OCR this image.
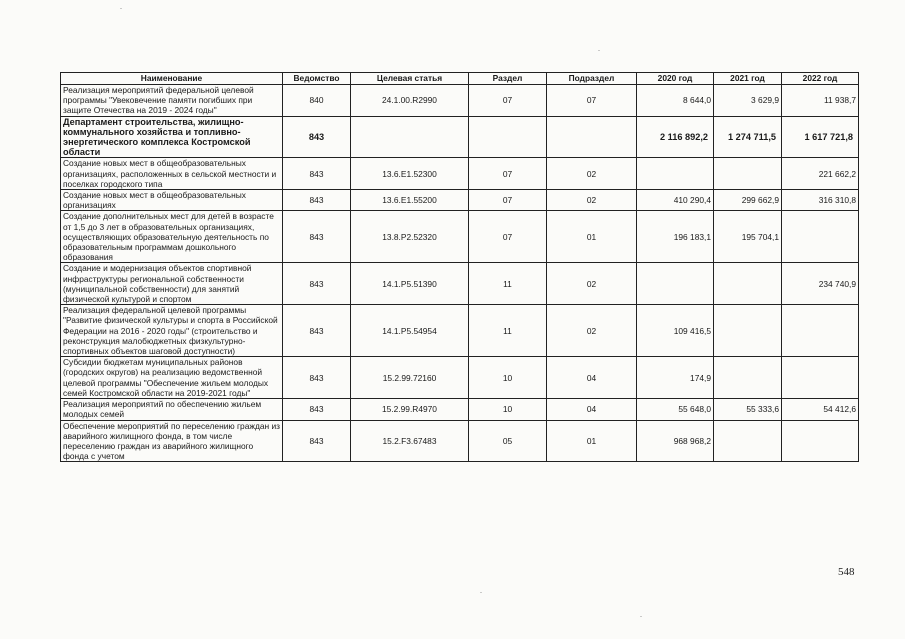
Наименование	Ведомство	Целевая статья	Раздел	Подраздел	2020 год	2021 год	2022 год
Реализация мероприятий федеральной целевой программы "Увековечение памяти погибших при защите Отечества на 2019 - 2024 годы"	840	24.1.00.R2990	07	07	8 644,0	3 629,9	11 938,7
Департамент строительства, жилищно-коммунального хозяйства и топливно-энергетического комплекса Костромской области	843				2 116 892,2	1 274 711,5	1 617 721,8
Создание новых мест в общеобразовательных организациях, расположенных в сельской местности и поселках городского типа	843	13.6.E1.52300	07	02			221 662,2
Создание новых мест в общеобразовательных организациях	843	13.6.E1.55200	07	02	410 290,4	299 662,9	316 310,8
Создание дополнительных мест для детей в возрасте от 1,5 до 3 лет в образовательных организациях, осуществляющих образовательную деятельность по образовательным программам дошкольного образования	843	13.8.P2.52320	07	01	196 183,1	195 704,1	
Создание и модернизация объектов спортивной инфраструктуры региональной собственности (муниципальной собственности) для занятий физической культурой и спортом	843	14.1.P5.51390	11	02			234 740,9
Реализация федеральной целевой программы "Развитие физической культуры и спорта в Российской Федерации на 2016 - 2020 годы" (строительство и реконструкция малобюджетных физкультурно-спортивных объектов шаговой доступности)	843	14.1.P5.54954	11	02	109 416,5		
Субсидии бюджетам муниципальных районов (городских округов) на реализацию ведомственной целевой программы "Обеспечение жильем молодых семей Костромской области на 2019-2021 годы"	843	15.2.99.72160	10	04	174,9		
Реализация мероприятий по обеспечению жильем молодых семей	843	15.2.99.R4970	10	04	55 648,0	55 333,6	54 412,6
Обеспечение мероприятий по переселению граждан из аварийного жилищного фонда, в том числе переселению граждан из аварийного жилищного фонда с учетом	843	15.2.F3.67483	05	01	968 968,2		
548
